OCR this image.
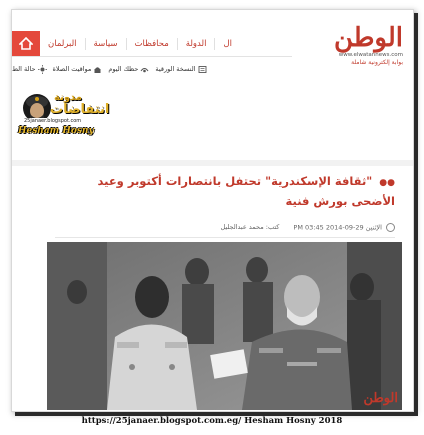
البرلمان	سياسة	محافظات	الدولة	ال
النسخة الورقية
حظك اليوم
مواقيت الصلاة
حالة الط
الوطن
www.elwatannews.com
بوابة إلكترونية شاملة
مدونة
انتفاضات
25janaer.blogspot.com
Hesham Hosny
●● "ثقافة الإسكندرية" تحتفل بانتصارات أكتوبر وعيد الأضحى بورش فنية
الإثنين 29-09-2014 03:45 PM
كتب: محمد عبدالجليل
الوطن
https://25janaer.blogspot.com.eg/ Hesham Hosny 2018
